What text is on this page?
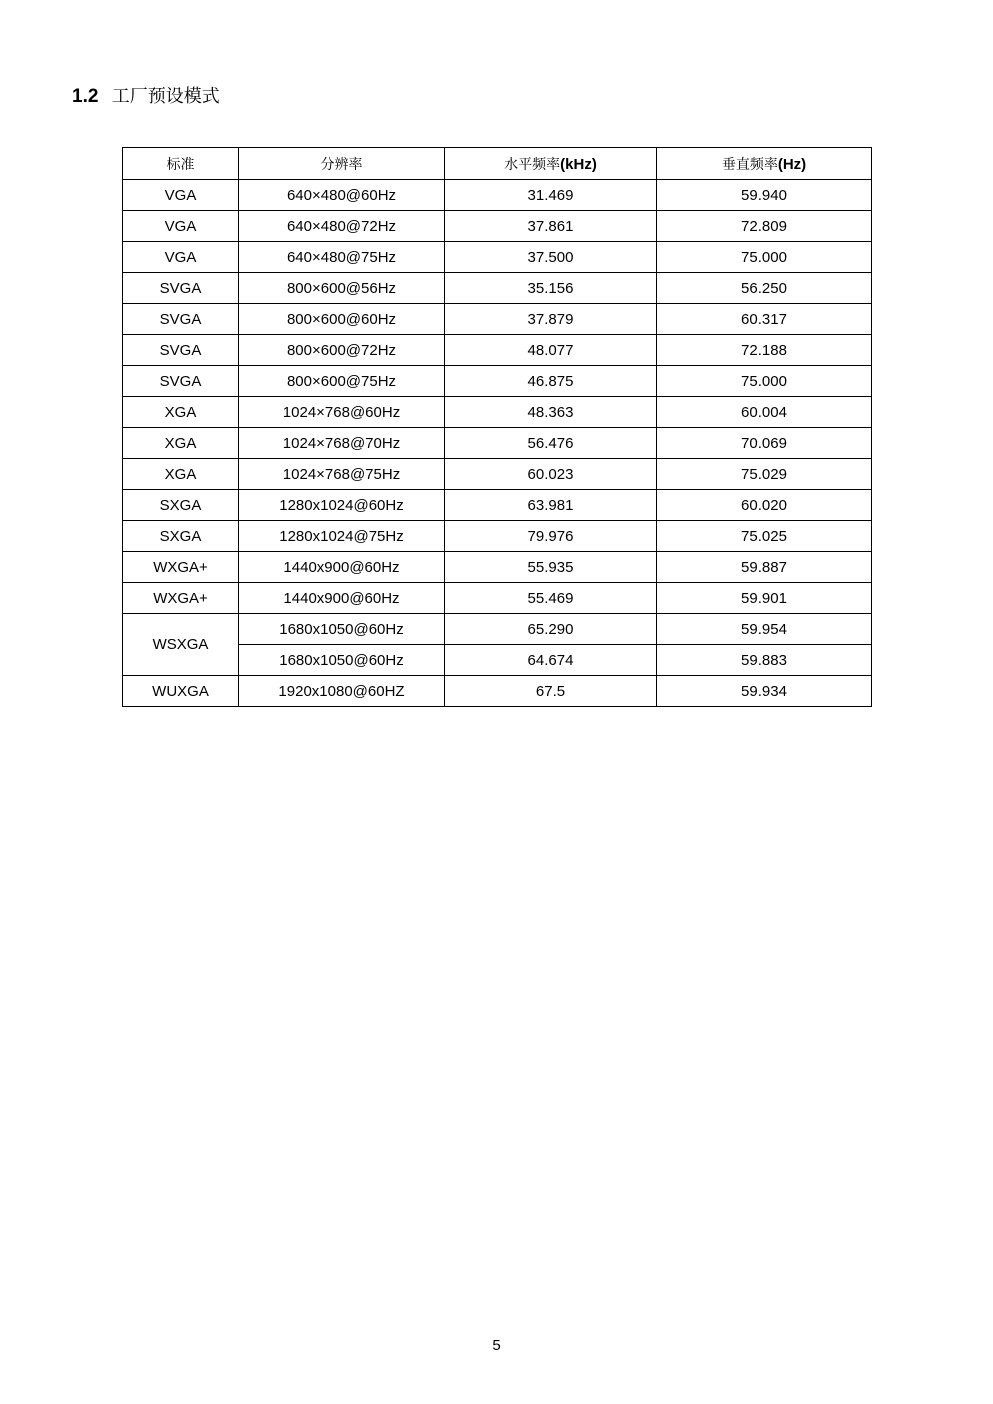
1.2 工厂预设模式
标准	分辨率	水平频率(kHz)	垂直频率(Hz)
VGA	640×480@60Hz	31.469	59.940
VGA	640×480@72Hz	37.861	72.809
VGA	640×480@75Hz	37.500	75.000
SVGA	800×600@56Hz	35.156	56.250
SVGA	800×600@60Hz	37.879	60.317
SVGA	800×600@72Hz	48.077	72.188
SVGA	800×600@75Hz	46.875	75.000
XGA	1024×768@60Hz	48.363	60.004
XGA	1024×768@70Hz	56.476	70.069
XGA	1024×768@75Hz	60.023	75.029
SXGA	1280x1024@60Hz	63.981	60.020
SXGA	1280x1024@75Hz	79.976	75.025
WXGA+	1440x900@60Hz	55.935	59.887
WXGA+	1440x900@60Hz	55.469	59.901
WSXGA	1680x1050@60Hz	65.290	59.954
	1680x1050@60Hz	64.674	59.883
WUXGA	1920x1080@60HZ	67.5	59.934
5
